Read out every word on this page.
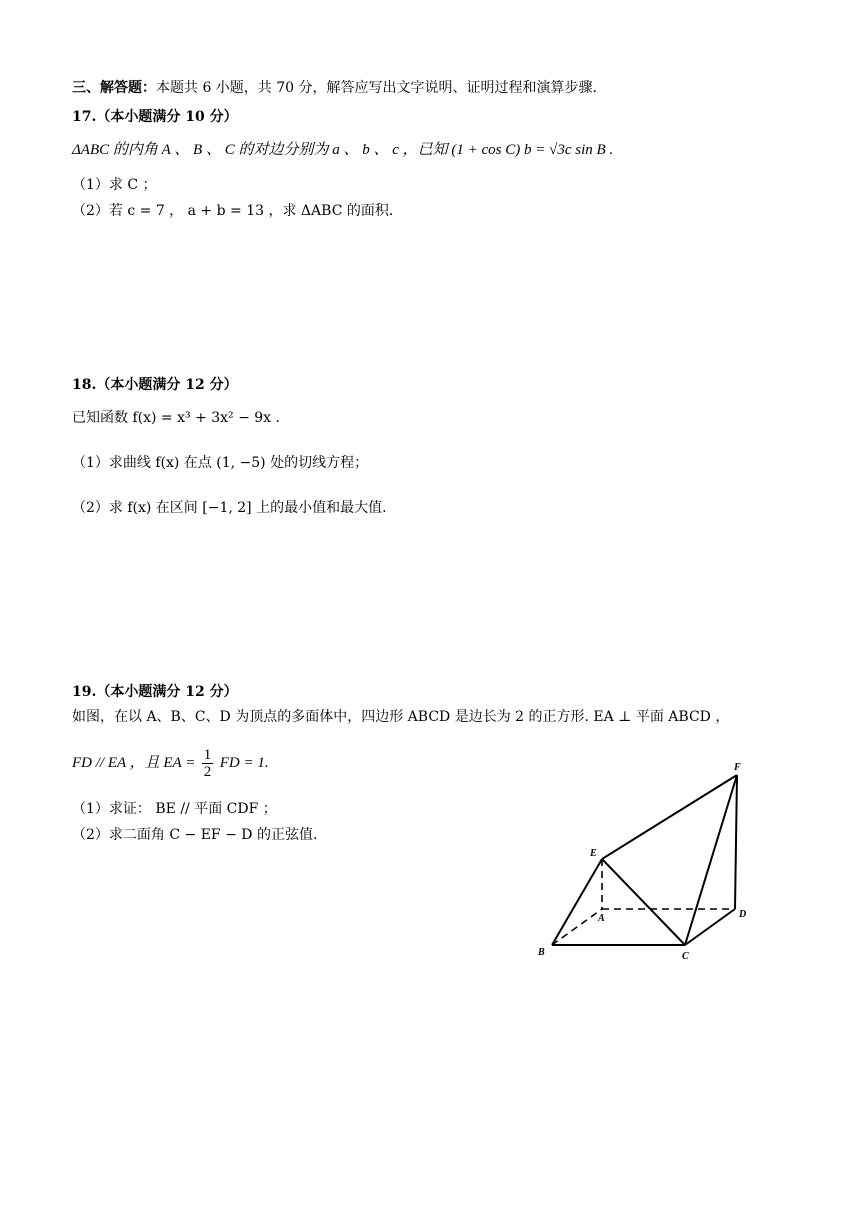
三、解答题：本题共 6 小题，共 70 分，解答应写出文字说明、证明过程和演算步骤.
17.（本小题满分 10 分）
ΔABC 的内角 A 、 B 、 C 的对边分别为 a 、 b 、 c ，已知 (1 + cos C) b = √3c sin B .
（1）求 C ；
（2）若 c = 7 ， a + b = 13 ，求 ΔABC 的面积.
18.（本小题满分 12 分）
已知函数 f(x) = x³ + 3x² − 9x .
（1）求曲线 f(x) 在点 (1, −5) 处的切线方程；
（2）求 f(x) 在区间 [−1, 2] 上的最小值和最大值.
19.（本小题满分 12 分）
如图，在以 A、B、C、D 为顶点的多面体中，四边形 ABCD 是边长为 2 的正方形. EA ⊥ 平面 ABCD ，
FD // EA ，且 EA = $\frac{1}{2}$ FD = 1.
（1）求证： BE // 平面 CDF ；
（2）求二面角 C − EF − D 的正弦值.
A
B	C
D
E
F
